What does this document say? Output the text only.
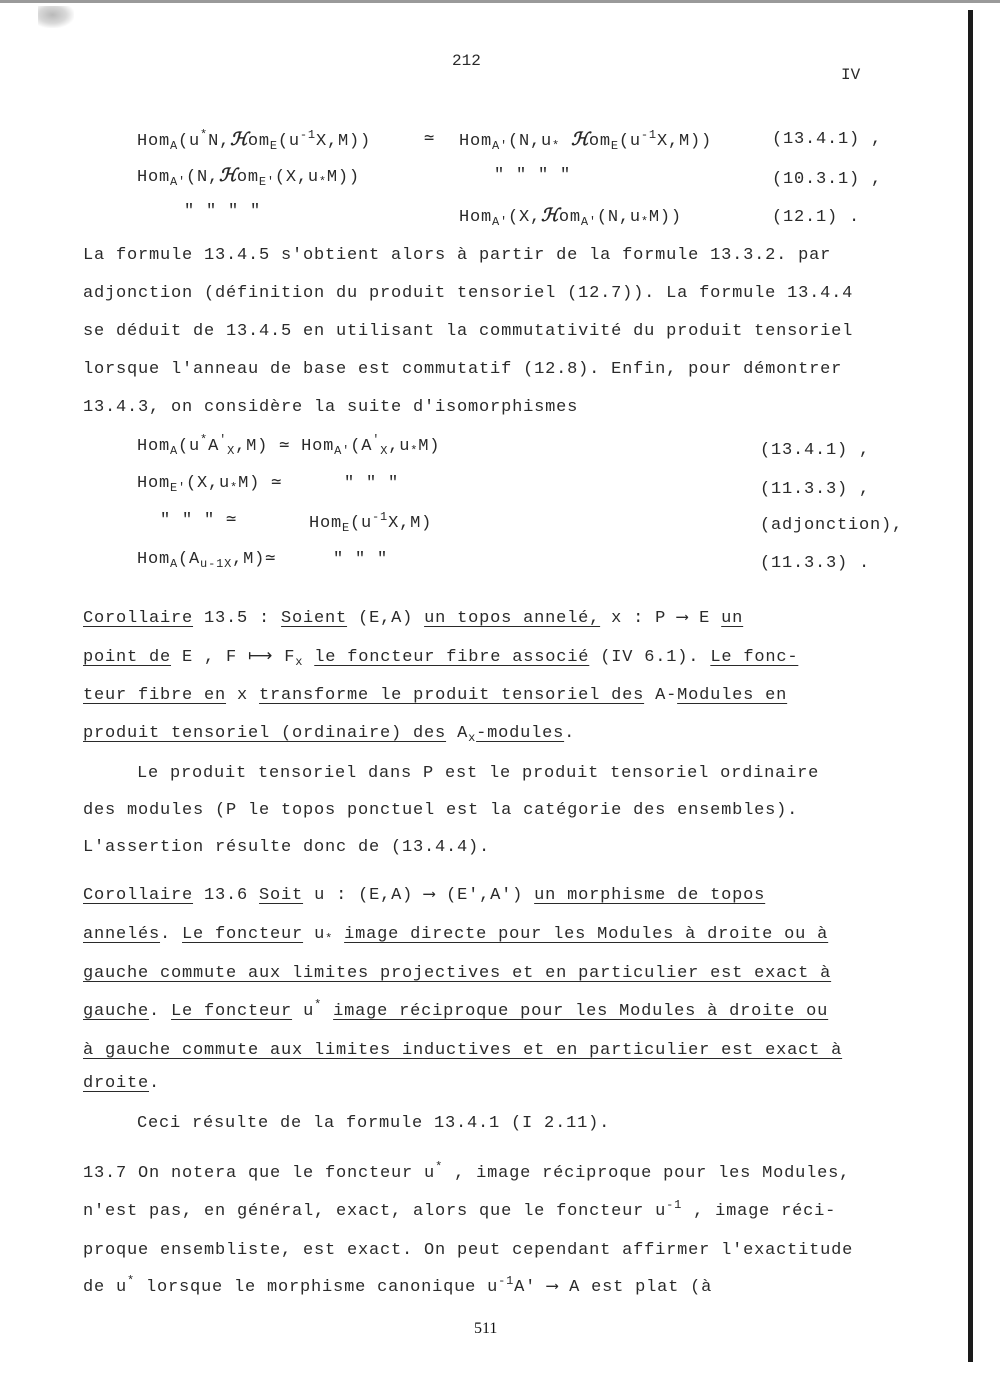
212
IV
$Hom_A(u^*N,ℋom_E(u^{-1}X,M))$	≃ $Hom_{A'}(N,u_*$ $ℋom_E(u^{-1}X,M)$)	(13.4.1) ,
$Hom_{A'}(N,ℋom_{E'}(X,u_*M))$	" " " "	(10.3.1) ,
" " " "	$Hom_{A'}(X,ℋom_{A'}(N,u_*M))$	(12.1) .
La formule 13.4.5 s'obtient alors à partir de la formule 13.3.2. par
adjonction (définition du produit tensoriel (12.7)). La formule 13.4.4
se déduit de 13.4.5 en utilisant la commutativité du produit tensoriel
lorsque l'anneau de base est commutatif (12.8). Enfin, pour démontrer
13.4.3, on considère la suite d'isomorphismes
$Hom_A(u^*A'_X,M)$ ≃ $Hom_{A'}(A'_X,u_*M)$	(13.4.1) ,
$Hom_{E'}(X,u_*M)$ ≃	" " "	(11.3.3) ,
" " " ≃	$Hom_E(u^{-1}X,M)$	(adjonction),
$Hom_A(A_{u-1X},M)≃$	" " "	(11.3.3) .
Corollaire 13.5 : Soient (E,A) un topos annelé, x : P ⟶ E un
point de E , F ⟼ $F_x$ le foncteur fibre associé (IV 6.1). Le fonc-
teur fibre en x transforme le produit tensoriel des A-Modules en
produit tensoriel (ordinaire) des $A_x$-modules.
Le produit tensoriel dans P est le produit tensoriel ordinaire
des modules (P le topos ponctuel est la catégorie des ensembles).
L'assertion résulte donc de (13.4.4).
Corollaire 13.6 Soit u : (E,A) ⟶ (E',A') un morphisme de topos
annelés. Le foncteur $u_*$ image directe pour les Modules à droite ou à
gauche commute aux limites projectives et en particulier est exact à
gauche. Le foncteur u* image réciproque pour les Modules à droite ou
à gauche commute aux limites inductives et en particulier est exact à
droite.
Ceci résulte de la formule 13.4.1 (I 2.11).
13.7 On notera que le foncteur u* , image réciproque pour les Modules,
n'est pas, en général, exact, alors que le foncteur $u^{-1}$ , image réci-
proque ensembliste, est exact. On peut cependant affirmer l'exactitude
de u* lorsque le morphisme canonique $u^{-1}A'$ ⟶ A est plat (à
511
